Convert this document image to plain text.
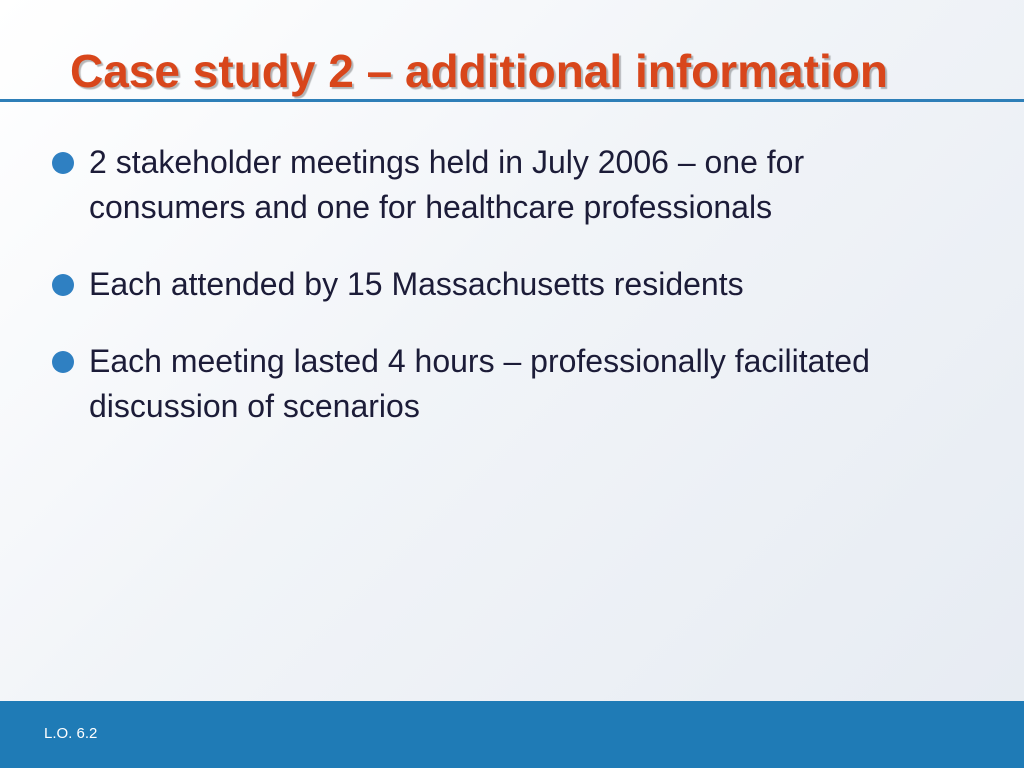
Case study 2 – additional information
2 stakeholder meetings held in July 2006 – one for consumers and one for healthcare professionals
Each attended by 15 Massachusetts residents
Each meeting lasted 4 hours – professionally facilitated discussion of scenarios
L.O. 6.2
